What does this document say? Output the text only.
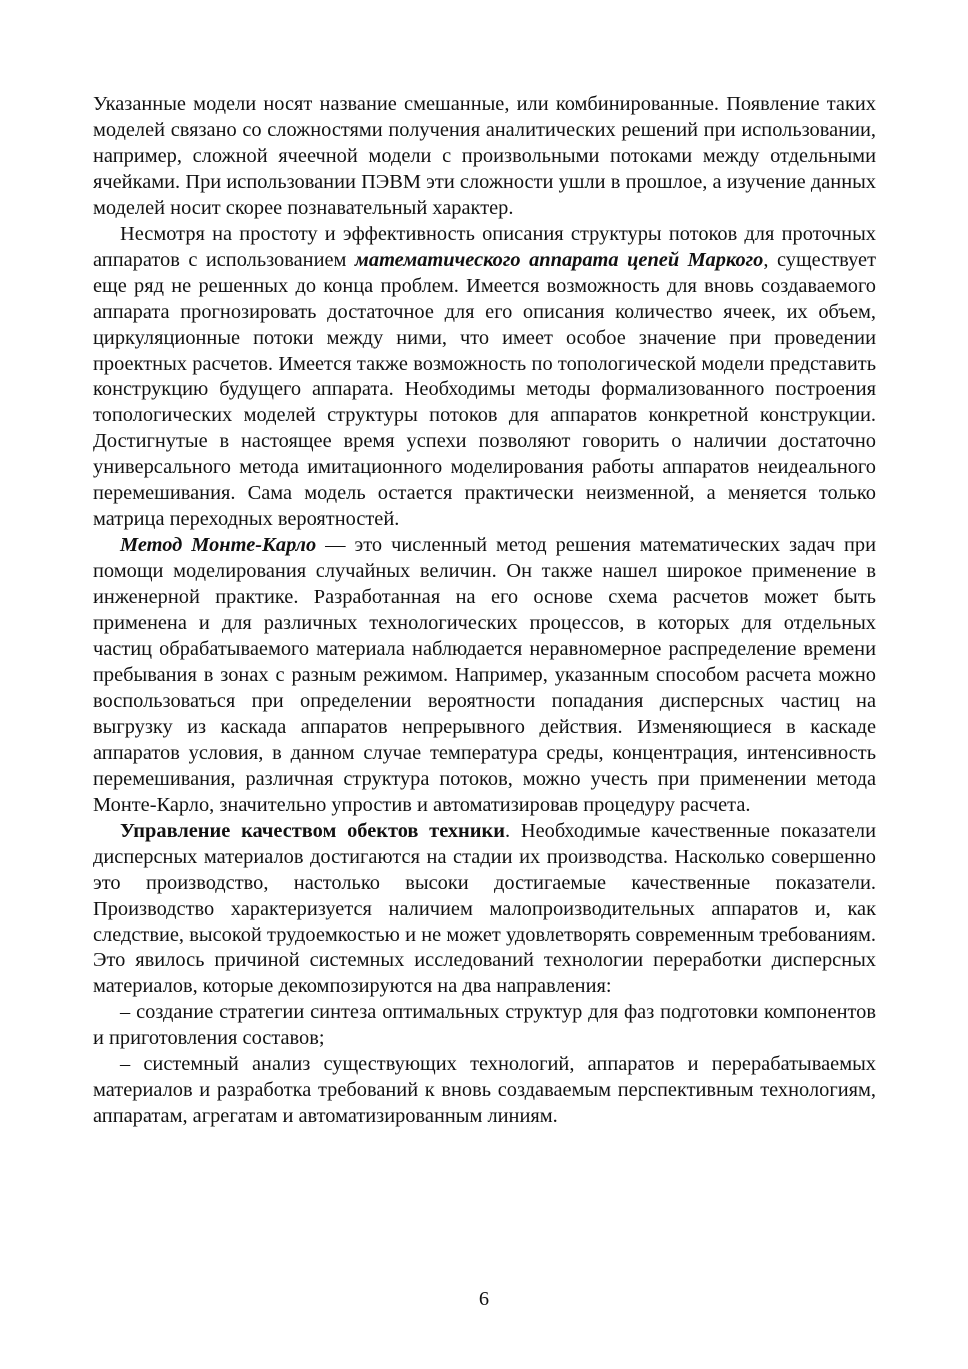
Указанные модели носят название смешанные, или комбинированные. Появление таких моделей связано со сложностями получения аналитических решений при использовании, например, сложной ячеечной модели с произвольными потоками между отдельными ячейками. При использовании ПЭВМ эти сложности ушли в прошлое, а изучение данных моделей носит скорее познавательный характер.

Несмотря на простоту и эффективность описания структуры потоков для проточных аппаратов с использованием математического аппарата цепей Маркого, существует еще ряд не решенных до конца проблем. Имеется возможность для вновь создаваемого аппарата прогнозировать достаточное для его описания количество ячеек, их объем, циркуляционные потоки между ними, что имеет особое значение при проведении проектных расчетов. Имеется также возможность по топологической модели представить конструкцию будущего аппарата. Необходимы методы формализованного построения топологических моделей структуры потоков для аппаратов конкретной конструкции. Достигнутые в настоящее время успехи позволяют говорить о наличии достаточно универсального метода имитационного моделирования работы аппаратов неидеального перемешивания. Сама модель остается практически неизменной, а меняется только матрица переходных вероятностей.

Метод Монте-Карло — это численный метод решения математических задач при помощи моделирования случайных величин. Он также нашел широкое применение в инженерной практике. Разработанная на его основе схема расчетов может быть применена и для различных технологических процессов, в которых для отдельных частиц обрабатываемого материала наблюдается неравномерное распределение времени пребывания в зонах с разным режимом. Например, указанным способом расчета можно воспользоваться при определении вероятности попадания дисперсных частиц на выгрузку из каскада аппаратов непрерывного действия. Изменяющиеся в каскаде аппаратов условия, в данном случае температура среды, концентрация, интенсивность перемешивания, различная структура потоков, можно учесть при применении метода Монте-Карло, значительно упростив и автоматизировав процедуру расчета.

Управление качеством обектов техники. Необходимые качественные показатели дисперсных материалов достигаются на стадии их производства. Насколько совершенно это производство, настолько высоки достигаемые качественные показатели. Производство характеризуется наличием малопроизводительных аппаратов и, как следствие, высокой трудоемкостью и не может удовлетворять современным требованиям. Это явилось причиной системных исследований технологии переработки дисперсных материалов, которые декомпозируются на два направления:

– создание стратегии синтеза оптимальных структур для фаз подготовки компонентов и приготовления составов;

– системный анализ существующих технологий, аппаратов и перерабатываемых материалов и разработка требований к вновь создаваемым перспективным технологиям, аппаратам, агрегатам и автоматизированным линиям.

6
